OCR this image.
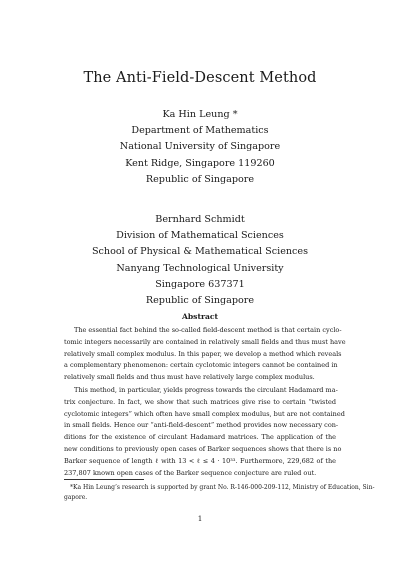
The Anti-Field-Descent Method
Ka Hin Leung *
Department of Mathematics
National University of Singapore
Kent Ridge, Singapore 119260
Republic of Singapore
Bernhard Schmidt
Division of Mathematical Sciences
School of Physical & Mathematical Sciences
Nanyang Technological University
Singapore 637371
Republic of Singapore
Abstract
The essential fact behind the so-called field-descent method is that certain cyclo-
tomic integers necessarily are contained in relatively small fields and thus must have
relatively small complex modulus. In this paper, we develop a method which reveals
a complementary phenomenon: certain cyclotomic integers cannot be contained in
relatively small fields and thus must have relatively large complex modulus.
This method, in particular, yields progress towards the circulant Hadamard ma-
trix conjecture. In fact, we show that such matrices give rise to certain “twisted
cyclotomic integers” which often have small complex modulus, but are not contained
in small fields. Hence our “anti-field-descent” method provides now necessary con-
ditions for the existence of circulant Hadamard matrices. The application of the
new conditions to previously open cases of Barker sequences shows that there is no
Barker sequence of length ℓ with 13 < ℓ ≤ 4 · 10³³. Furthermore, 229,682 of the
237,807 known open cases of the Barker sequence conjecture are ruled out.
*Ka Hin Leung’s research is supported by grant No. R-146-000-209-112, Ministry of Education, Sin-
gapore.
1
